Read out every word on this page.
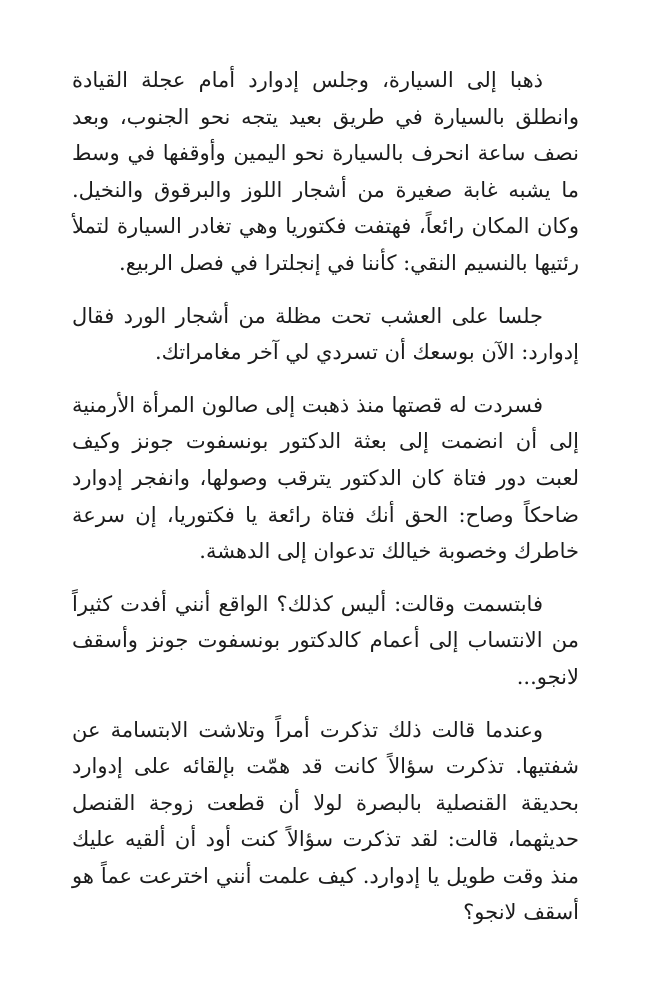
ذهبا إلى السيارة، وجلس إدوارد أمام عجلة القيادة وانطلق بالسيارة في طريق بعيد يتجه نحو الجنوب، وبعد نصف ساعة انحرف بالسيارة نحو اليمين وأوقفها في وسط ما يشبه غابة صغيرة من أشجار اللوز والبرقوق والنخيل. وكان المكان رائعاً، فهتفت فكتوريا وهي تغادر السيارة لتملأ رئتيها بالنسيم النقي: كأننا في إنجلترا في فصل الربيع.

جلسا على العشب تحت مظلة من أشجار الورد فقال إدوارد: الآن بوسعك أن تسردي لي آخر مغامراتك.

فسردت له قصتها منذ ذهبت إلى صالون المرأة الأرمنية إلى أن انضمت إلى بعثة الدكتور بونسفوت جونز وكيف لعبت دور فتاة كان الدكتور يترقب وصولها، وانفجر إدوارد ضاحكاً وصاح: الحق أنك فتاة رائعة يا فكتوريا، إن سرعة خاطرك وخصوبة خيالك تدعوان إلى الدهشة.

فابتسمت وقالت: أليس كذلك؟ الواقع أنني أفدت كثيراً من الانتساب إلى أعمام كالدكتور بونسفوت جونز وأسقف لانجو...

وعندما قالت ذلك تذكرت أمراً وتلاشت الابتسامة عن شفتيها. تذكرت سؤالاً كانت قد همّت بإلقائه على إدوارد بحديقة القنصلية بالبصرة لولا أن قطعت زوجة القنصل حديثهما، قالت: لقد تذكرت سؤالاً كنت أود أن ألقيه عليك منذ وقت طويل يا إدوارد. كيف علمت أنني اخترعت عماً هو أسقف لانجو؟
